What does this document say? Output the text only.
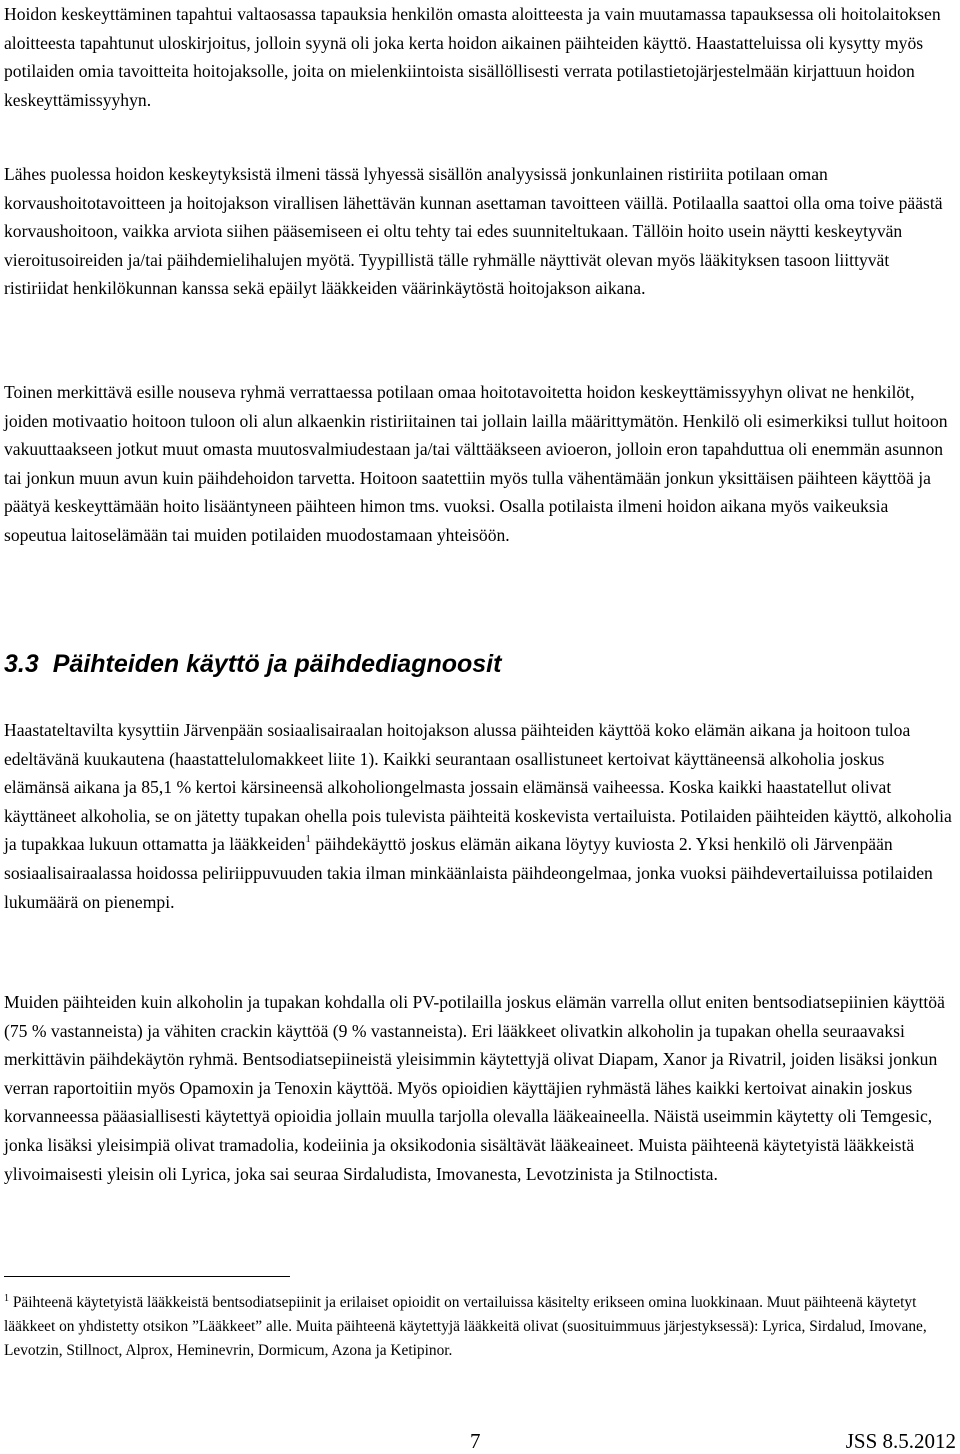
Hoidon keskeyttäminen tapahtui valtaosassa tapauksia henkilön omasta aloitteesta ja vain muutamassa tapauksessa oli hoitolaitoksen aloitteesta tapahtunut uloskirjoitus, jolloin syynä oli joka kerta hoidon aikainen päihteiden käyttö. Haastatteluissa oli kysytty myös potilaiden omia tavoitteita hoitojaksolle, joita on mielenkiintoista sisällöllisesti verrata potilastietojärjestelmään kirjattuun hoidon keskeyttämissyyhyn.

Lähes puolessa hoidon keskeytyksistä ilmeni tässä lyhyessä sisällön analyysissä jonkunlainen ristiriita potilaan oman korvaushoitotavoitteen ja hoitojakson virallisen lähettävän kunnan asettaman tavoitteen väillä. Potilaalla saattoi olla oma toive päästä korvaushoitoon, vaikka arviota siihen pääsemiseen ei oltu tehty tai edes suunniteltukaan. Tällöin hoito usein näytti keskeytyvän vieroitusoireiden ja/tai päihdemielihalujen myötä. Tyypillistä tälle ryhmälle näyttivät olevan myös lääkityksen tasoon liittyvät ristiriidat henkilökunnan kanssa sekä epäilyt lääkkeiden väärinkäytöstä hoitojakson aikana.

Toinen merkittävä esille nouseva ryhmä verrattaessa potilaan omaa hoitotavoitetta hoidon keskeyttämissyyhyn olivat ne henkilöt, joiden motivaatio hoitoon tuloon oli alun alkaenkin ristiriitainen tai jollain lailla määrittymätön. Henkilö oli esimerkiksi tullut hoitoon vakuuttaakseen jotkut muut omasta muutosvalmiudestaan ja/tai välttääkseen avioeron, jolloin eron tapahduttua oli enemmän asunnon tai jonkun muun avun kuin päihdehoidon tarvetta. Hoitoon saatettiin myös tulla vähentämään jonkun yksittäisen päihteen käyttöä ja päätyä keskeyttämään hoito lisääntyneen päihteen himon tms. vuoksi. Osalla potilaista ilmeni hoidon aikana myös vaikeuksia sopeutua laitoselämään tai muiden potilaiden muodostamaan yhteisöön.

3.3 Päihteiden käyttö ja päihdediagnoosit

Haastateltavilta kysyttiin Järvenpään sosiaalisairaalan hoitojakson alussa päihteiden käyttöä koko elämän aikana ja hoitoon tuloa edeltävänä kuukautena (haastattelulomakkeet liite 1). Kaikki seurantaan osallistuneet kertoivat käyttäneensä alkoholia joskus elämänsä aikana ja 85,1 % kertoi kärsineensä alkoholiongelmasta jossain elämänsä vaiheessa. Koska kaikki haastatellut olivat käyttäneet alkoholia, se on jätetty tupakan ohella pois tulevista päihteitä koskevista vertailuista. Potilaiden päihteiden käyttö, alkoholia ja tupakkaa lukuun ottamatta ja lääkkeiden$^1$ päihdekäyttö joskus elämän aikana löytyy kuviosta 2. Yksi henkilö oli Järvenpään sosiaalisairaalassa hoidossa peliriippuvuuden takia ilman minkäänlaista päihdeongelmaa, jonka vuoksi päihdevertailuissa potilaiden lukumäärä on pienempi.

Muiden päihteiden kuin alkoholin ja tupakan kohdalla oli PV-potilailla joskus elämän varrella ollut eniten bentsodiatsepiinien käyttöä (75 % vastanneista) ja vähiten crackin käyttöä (9 % vastanneista). Eri lääkkeet olivatkin alkoholin ja tupakan ohella seuraavaksi merkittävin päihdekäytön ryhmä. Bentsodiatsepiineistä yleisimmin käytettyjä olivat Diapam, Xanor ja Rivatril, joiden lisäksi jonkun verran raportoitiin myös Opamoxin ja Tenoxin käyttöä. Myös opioidien käyttäjien ryhmästä lähes kaikki kertoivat ainakin joskus korvanneessa pääasiallisesti käytettyä opioidia jollain muulla tarjolla olevalla lääkeaineella. Näistä useimmin käytetty oli Temgesic, jonka lisäksi yleisimpiä olivat tramadolia, kodeiinia ja oksikodonia sisältävät lääkeaineet. Muista päihteenä käytetyistä lääkkeistä ylivoimaisesti yleisin oli Lyrica, joka sai seuraa Sirdaludista, Imovanesta, Levotzinista ja Stilnoctista.

$^1$ Päihteenä käytetyistä lääkkeistä bentsodiatsepiinit ja erilaiset opioidit on vertailuissa käsitelty erikseen omina luokkinaan. Muut päihteenä käytetyt lääkkeet on yhdistetty otsikon ”Lääkkeet” alle. Muita päihteenä käytettyjä lääkkeitä olivat (suosituimmuus järjestyksessä): Lyrica, Sirdalud, Imovane, Levotzin, Stillnoct, Alprox, Heminevrin, Dormicum, Azona ja Ketipinor.

7	JSS 8.5.2012
